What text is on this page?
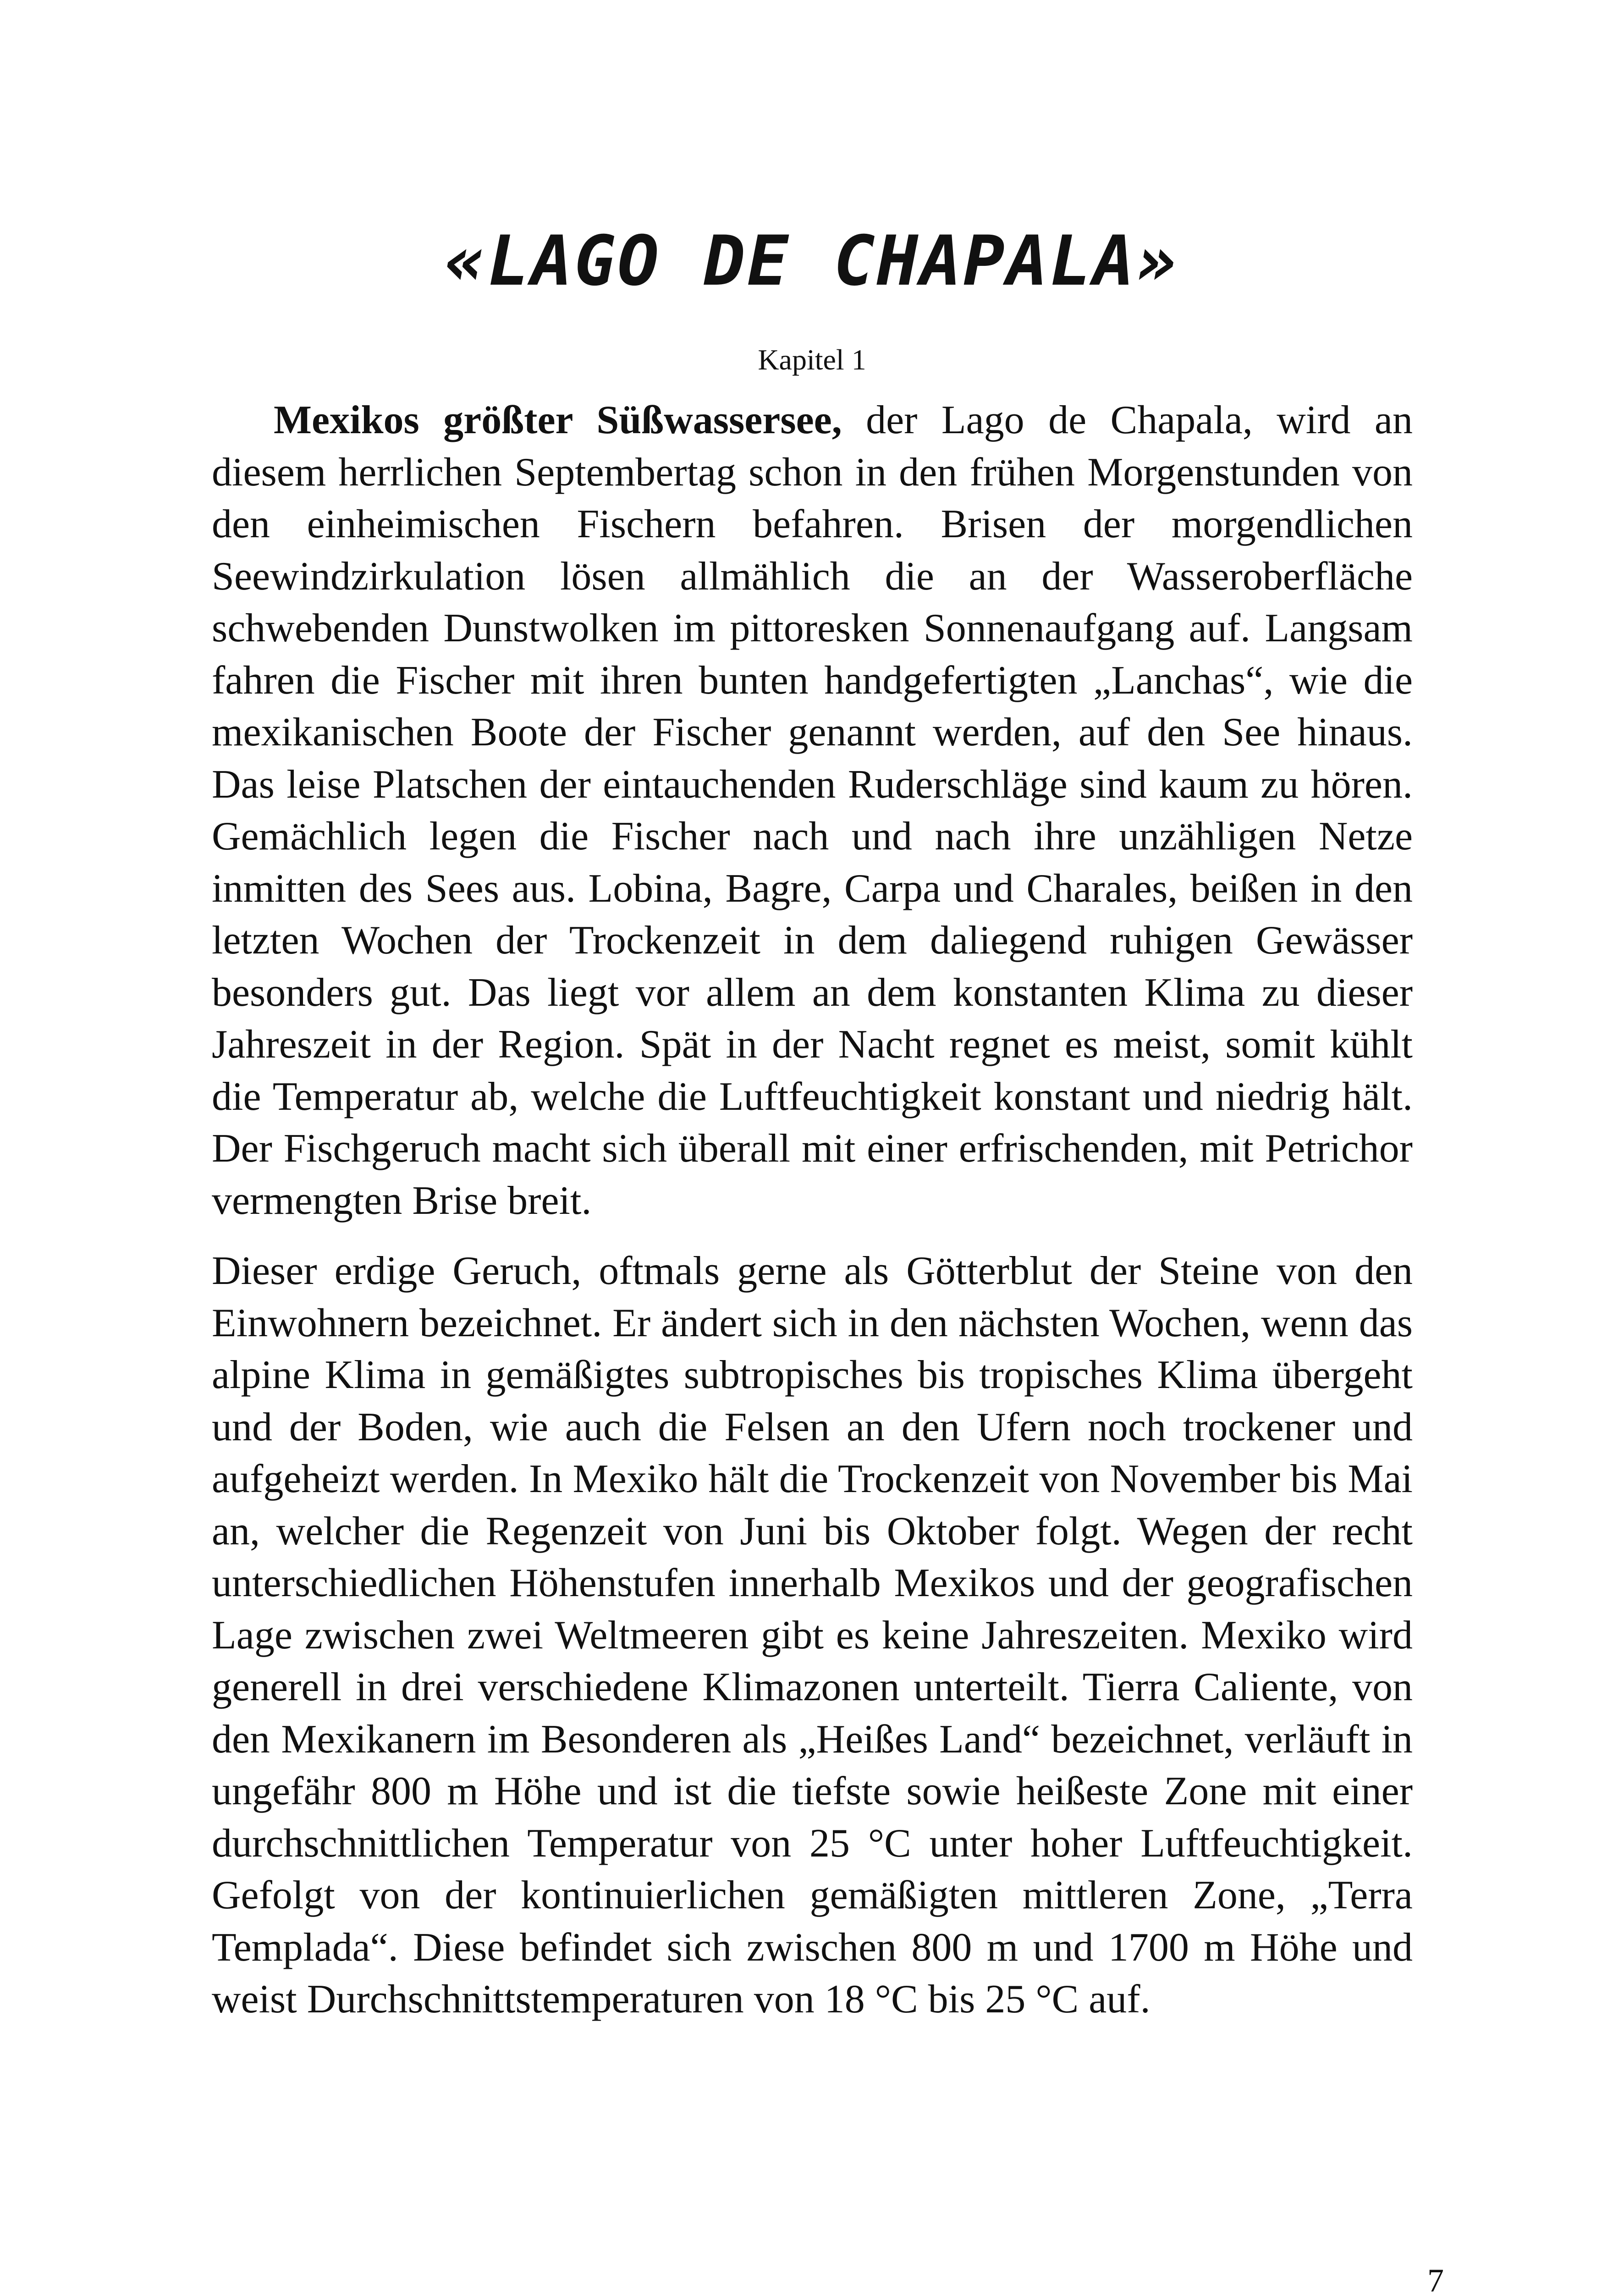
«LAGO DE CHAPALA»
Kapitel 1

Mexikos größter Süßwassersee, der Lago de Chapala, wird an diesem herrlichen Septembertag schon in den frühen Morgenstunden von den einheimischen Fischern befahren. Brisen der morgendlichen Seewindzirkulation lösen allmählich die an der Wasseroberfläche schwebenden Dunstwolken im pittoresken Sonnenaufgang auf. Langsam fahren die Fischer mit ihren bunten handgefertigten „Lanchas“, wie die mexikanischen Boote der Fischer genannt werden, auf den See hinaus. Das leise Platschen der eintauchenden Ruderschläge sind kaum zu hören. Gemächlich legen die Fischer nach und nach ihre unzähligen Netze inmitten des Sees aus. Lobina, Bagre, Carpa und Charales, beißen in den letzten Wochen der Trockenzeit in dem daliegend ruhigen Gewässer besonders gut. Das liegt vor allem an dem konstanten Klima zu dieser Jahreszeit in der Region. Spät in der Nacht regnet es meist, somit kühlt die Temperatur ab, welche die Luftfeuchtigkeit konstant und niedrig hält. Der Fischgeruch macht sich überall mit einer erfrischenden, mit Petrichor vermengten Brise breit.

Dieser erdige Geruch, oftmals gerne als Götterblut der Steine von den Einwohnern bezeichnet. Er ändert sich in den nächsten Wochen, wenn das alpine Klima in gemäßigtes subtropisches bis tropisches Klima übergeht und der Boden, wie auch die Felsen an den Ufern noch trockener und aufgeheizt werden. In Mexiko hält die Trockenzeit von November bis Mai an, welcher die Regenzeit von Juni bis Oktober folgt. Wegen der recht unterschiedlichen Höhenstufen innerhalb Mexikos und der geografischen Lage zwischen zwei Weltmeeren gibt es keine Jahreszeiten. Mexiko wird generell in drei verschiedene Klimazonen unterteilt. Tierra Caliente, von den Mexikanern im Besonderen als „Heißes Land“ bezeichnet, verläuft in ungefähr 800 m Höhe und ist die tiefste sowie heißeste Zone mit einer durchschnittlichen Temperatur von 25 °C unter hoher Luftfeuchtigkeit. Gefolgt von der kontinuierlichen gemäßigten mittleren Zone, „Terra Templada“. Diese befindet sich zwischen 800 m und 1700 m Höhe und weist Durchschnittstemperaturen von 18 °C bis 25 °C auf.

7
